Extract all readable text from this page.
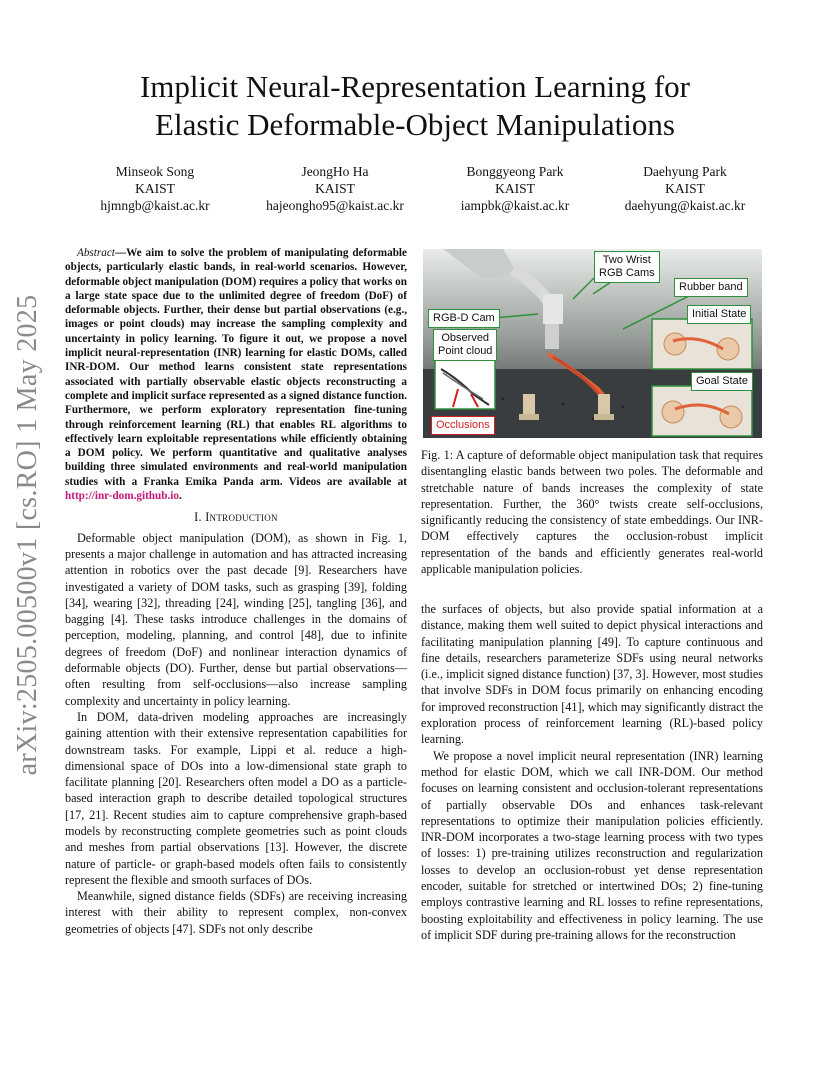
arXiv:2505.00500v1 [cs.RO] 1 May 2025
Implicit Neural-Representation Learning for
Elastic Deformable-Object Manipulations
Minseok Song
KAIST
hjmngb@kaist.ac.kr
JeongHo Ha
KAIST
hajeongho95@kaist.ac.kr
Bonggyeong Park
KAIST
iampbk@kaist.ac.kr
Daehyung Park
KAIST
daehyung@kaist.ac.kr

Abstract—We aim to solve the problem of manipulating deformable objects, particularly elastic bands, in real-world scenarios. However, deformable object manipulation (DOM) requires a policy that works on a large state space due to the unlimited degree of freedom (DoF) of deformable objects. Further, their dense but partial observations (e.g., images or point clouds) may increase the sampling complexity and uncertainty in policy learning. To figure it out, we propose a novel implicit neural-representation (INR) learning for elastic DOMs, called INR-DOM. Our method learns consistent state representations associated with partially observable elastic objects reconstructing a complete and implicit surface represented as a signed distance function. Furthermore, we perform exploratory representation fine-tuning through reinforcement learning (RL) that enables RL algorithms to effectively learn exploitable representations while efficiently obtaining a DOM policy. We perform quantitative and qualitative analyses building three simulated environments and real-world manipulation studies with a Franka Emika Panda arm. Videos are available at http://inr-dom.github.io.

I. Introduction

Deformable object manipulation (DOM), as shown in Fig. 1, presents a major challenge in automation and has attracted increasing attention in robotics over the past decade [9]. Researchers have investigated a variety of DOM tasks, such as grasping [39], folding [34], wearing [32], threading [24], winding [25], tangling [36], and bagging [4]. These tasks introduce challenges in the domains of perception, modeling, planning, and control [48], due to infinite degrees of freedom (DoF) and nonlinear interaction dynamics of deformable objects (DO). Further, dense but partial observations—often resulting from self-occlusions—also increase sampling complexity and uncertainty in policy learning.

In DOM, data-driven modeling approaches are increasingly gaining attention with their extensive representation capabilities for downstream tasks. For example, Lippi et al. reduce a high-dimensional space of DOs into a low-dimensional state graph to facilitate planning [20]. Researchers often model a DO as a particle-based interaction graph to describe detailed topological structures [17, 21]. Recent studies aim to capture comprehensive graph-based models by reconstructing complete geometries such as point clouds and meshes from partial observations [13]. However, the discrete nature of particle- or graph-based models often fails to consistently represent the flexible and smooth surfaces of DOs.

Meanwhile, signed distance fields (SDFs) are receiving increasing interest with their ability to represent complex, non-convex geometries of objects [47]. SDFs not only describe

Two Wrist
RGB Cams
Rubber band
RGB-D Cam
Observed
Point cloud
Initial State
Goal State
Occlusions

Fig. 1: A capture of deformable object manipulation task that requires disentangling elastic bands between two poles. The deformable and stretchable nature of bands increases the complexity of state representation. Further, the 360° twists create self-occlusions, significantly reducing the consistency of state embeddings. Our INR-DOM effectively captures the occlusion-robust implicit representation of the bands and efficiently generates real-world applicable manipulation policies.

the surfaces of objects, but also provide spatial information at a distance, making them well suited to depict physical interactions and facilitating manipulation planning [49]. To capture continuous and fine details, researchers parameterize SDFs using neural networks (i.e., implicit signed distance function) [37, 3]. However, most studies that involve SDFs in DOM focus primarily on enhancing encoding for improved reconstruction [41], which may significantly distract the exploration process of reinforcement learning (RL)-based policy learning.

We propose a novel implicit neural representation (INR) learning method for elastic DOM, which we call INR-DOM. Our method focuses on learning consistent and occlusion-tolerant representations of partially observable DOs and enhances task-relevant representations to optimize their manipulation policies efficiently. INR-DOM incorporates a two-stage learning process with two types of losses: 1) pre-training utilizes reconstruction and regularization losses to develop an occlusion-robust yet dense representation encoder, suitable for stretched or intertwined DOs; 2) fine-tuning employs contrastive learning and RL losses to refine representations, boosting exploitability and effectiveness in policy learning. The use of implicit SDF during pre-training allows for the reconstruction
